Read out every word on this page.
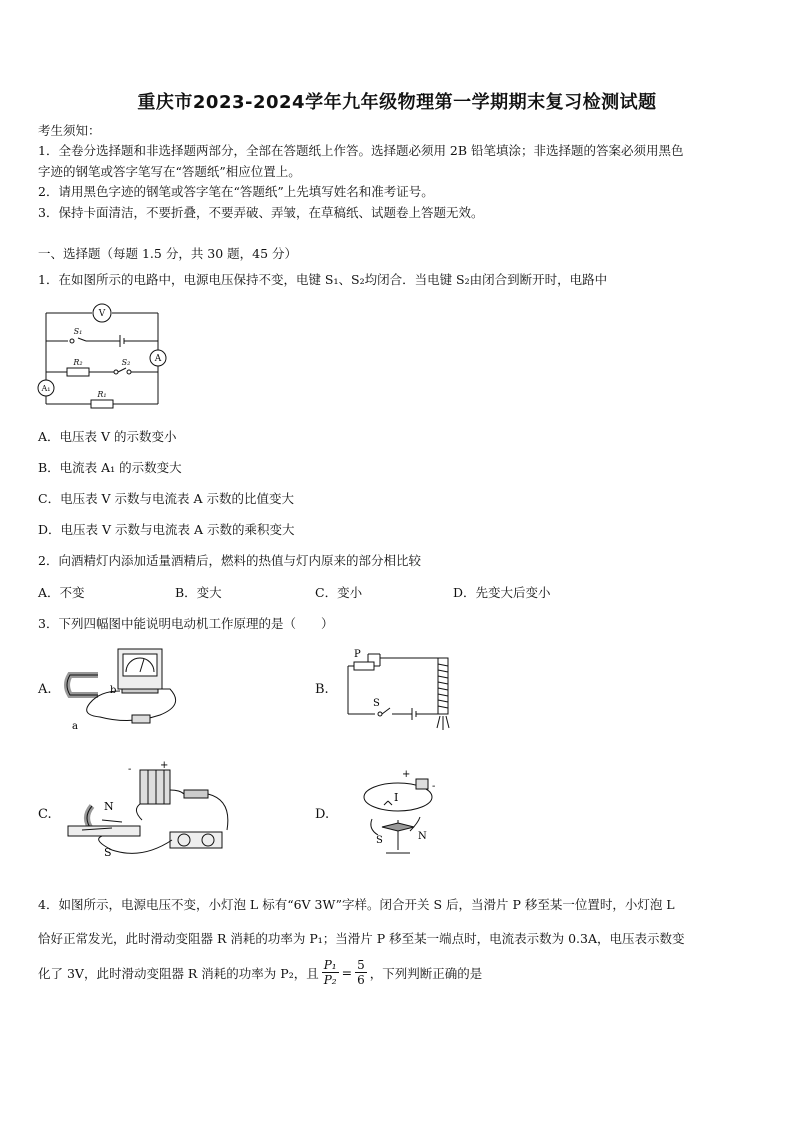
重庆市2023-2024学年九年级物理第一学期期末复习检测试题
考生须知：
1．全卷分选择题和非选择题两部分，全部在答题纸上作答。选择题必须用 2B 铅笔填涂；非选择题的答案必须用黑色
字迹的钢笔或答字笔写在“答题纸”相应位置上。
2．请用黑色字迹的钢笔或答字笔在“答题纸”上先填写姓名和准考证号。
3．保持卡面清洁，不要折叠，不要弄破、弄皱，在草稿纸、试题卷上答题无效。
一、选择题（每题 1.5 分，共 30 题，45 分）
1．在如图所示的电路中，电源电压保持不变，电键 S₁、S₂均闭合．当电键 S₂由闭合到断开时，电路中
V
A
A₁
S₁
S₂
R₂
R₁
A．电压表 V 的示数变小
B．电流表 A₁ 的示数变大
C．电压表 V 示数与电流表 A 示数的比值变大
D．电压表 V 示数与电流表 A 示数的乘积变大
2．向酒精灯内添加适量酒精后，燃料的热值与灯内原来的部分相比较
A．不变	B．变大	C．变小	D．先变大后变小
3．下列四幅图中能说明电动机工作原理的是（　　）
A.	B.
C.	D.
b
a
P
S
-	+
N
S
+
-
I
S	N
4．如图所示，电源电压不变，小灯泡 L 标有“6V 3W”字样。闭合开关 S 后，当滑片 P 移至某一位置时，小灯泡 L
恰好正常发光，此时滑动变阻器 R 消耗的功率为 P₁；当滑片 P 移至某一端点时，电流表示数为 0.3A，电压表示数变
化了 3V，此时滑动变阻器 R 消耗的功率为 P₂，且 $\frac{\text{P₁}}{\text{P₂}} = \frac{5}{6}$ ，下列判断正确的是
